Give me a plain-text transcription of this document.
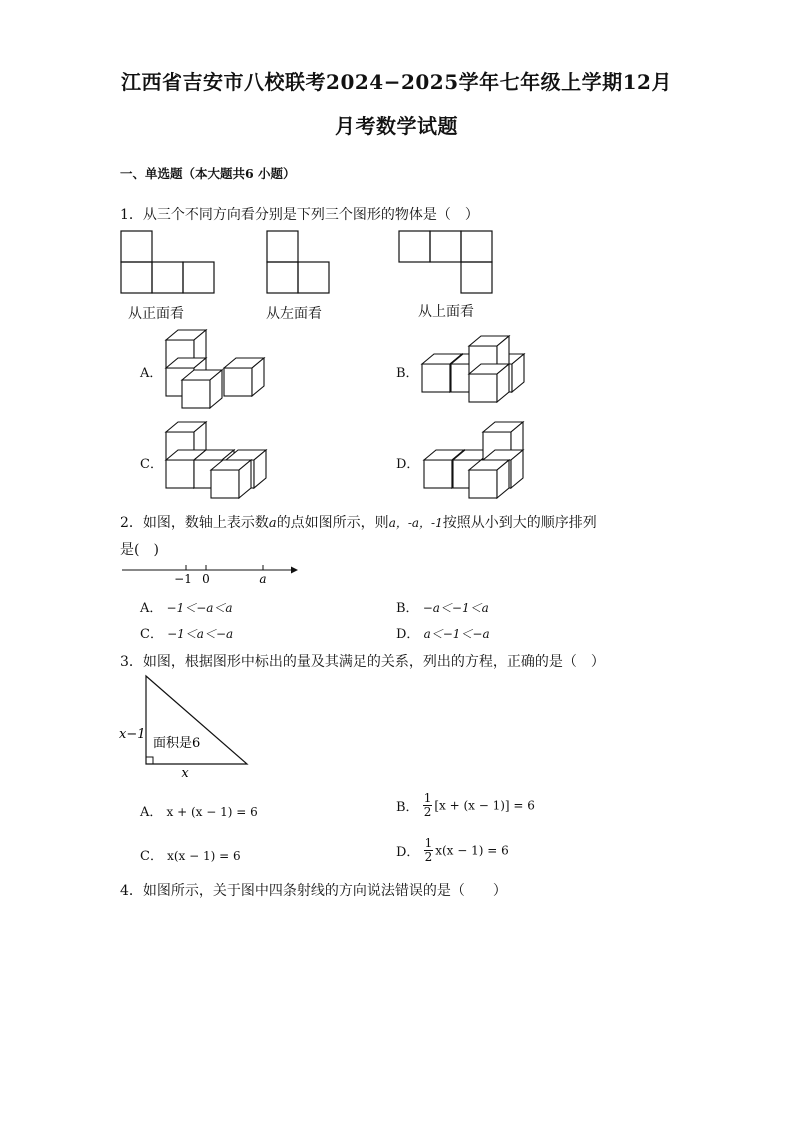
江西省吉安市八校联考2024−2025学年七年级上学期12月
月考数学试题
一、单选题（本大题共6 小题）
1．从三个不同方向看分别是下列三个图形的物体是（　）
从正面看	从左面看	从上面看
A．	B．
C．	D．
2．如图，数轴上表示数a的点如图所示，则a，-a，-1按照从小到大的顺序排列
是(　)
−1 0	a
A． −1＜−a＜a	B． −a＜−1＜a
C． −1＜a＜−a	D． a＜−1＜−a
3．如图，根据图形中标出的量及其满足的关系，列出的方程，正确的是（　）
x−1
x
面积是6
A． x + (x − 1) = 6	B． $\frac{1}{2} [x + (x - 1)] = 6$
C． x(x − 1) = 6	D． $\frac{1}{2} x(x - 1) = 6$
4．如图所示，关于图中四条射线的方向说法错误的是（　　）
